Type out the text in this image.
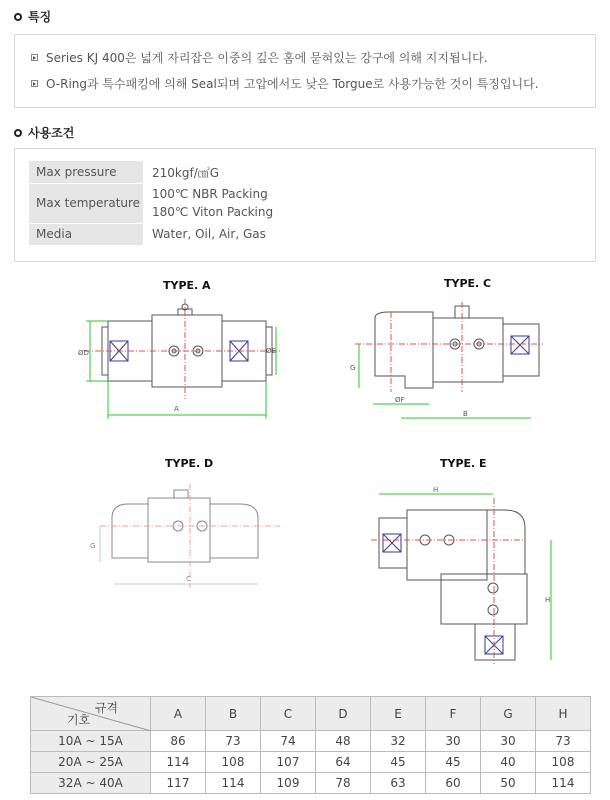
특징
Series KJ 400은 넓게 자리잡은 이중의 깊은 홈에 묻혀있는 강구에 의해 지지됩니다.
O-Ring과 특수패킹에 의해 Seal되며 고압에서도 낮은 Torgue로 사용가능한 것이 특징입니다.
사용조건
Max pressure	210kgf/㎠G
Max temperature	100℃ NBR Packing
180℃ Viton Packing

Media	Water, Oil, Air, Gas
TYPE. A	TYPE. C
TYPE. D	TYPE. E
ØD	ØE
A
G
ØF
B
G
C
H
H
규격
기호	A	B	C	D	E	F	G	H
10A ~ 15A	86	73	74	48	32	30	30	73
20A ~ 25A	114	108	107	64	45	45	40	108
32A ~ 40A	117	114	109	78	63	60	50	114
